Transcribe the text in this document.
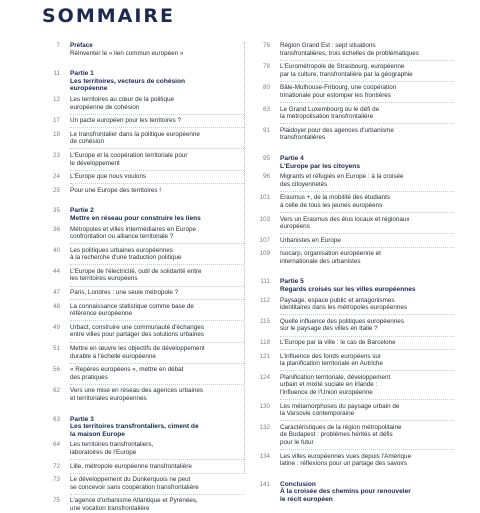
SOMMAIRE
7 Préface
Réinventer le « lien commun européen »
11 Partie 1
Les territoires, vecteurs de cohésion
européenne
12 Les territoires au cœur de la politique
européenne de cohésion
17 Un pacte européen pour les territoires ?
18 Le transfrontalier dans la politique européenne
de cohésion
23 L'Europe et la coopération territoriale pour
le développement
24 L'Europe que nous voulons
25 Pour une Europe des territoires !
35 Partie 2
Mettre en réseau pour construire les liens
36 Métropoles et villes intermédiaires en Europe :
confrontation ou alliance territoriale ?
40 Les politiques urbaines européennes
à la recherche d'une traduction politique
44 L'Europe de l'électricité, outil de solidarité entre
les territoires européens
47 Paris, Londres : une seule métropole ?
48 La connaissance statistique comme base de
référence européenne
49 Urbact, construire une communauté d'échanges
entre villes pour partager des solutions urbaines
51 Mettre en œuvre les objectifs de développement
durable à l'échelle européenne
56 « Repères européens », mettre en débat
des pratiques
62 Vers une mise en réseau des agences urbaines
et territoriales européennes
63 Partie 3
Les territoires transfrontaliers, ciment de
la maison Europe
64 Les territoires transfrontaliers,
laboratoires de l'Europe
72 Lille, métropole européenne transfrontalière
73 Le développement du Dunkerquois ne peut
se concevoir sans coopération transfrontalière
75 L'agence d'urbanisme Atlantique et Pyrénées,
une vocation transfrontalière
76 Région Grand Est : sept situations
transfrontalières, trois échelles de problématiques
78 L'Eurométropole de Strasbourg, européenne
par la culture, transfrontalière par la géographie
80 Bâle-Mulhouse-Fribourg, une coopération
trinationale pour estomper les frontières
83 Le Grand Luxembourg ou le défi de
la métropolisation transfrontalière
91 Plaidoyer pour des agences d'urbanisme
transfrontalières
95 Partie 4
L'Europe par les citoyens
96 Migrants et réfugiés en Europe : à la croisée
des citoyennetés
101 Erasmus +, de la mobilité des étudiants
à celle de tous les jeunes européens
103 Vers un Erasmus des élus locaux et régionaux
européens
107 Urbanistes en Europe
109 Isocarp, organisation européenne et
internationale des urbanistes
111 Partie 5
Regards croisés sur les villes européennes
112 Paysage, espace public et antagonismes
identitaires dans les métropoles européennes
115 Quelle influence des politiques européennes
sur le paysage des villes en Italie ?
118 L'Europe par la ville : le cas de Barcelone
121 L'influence des fonds européens sur
la planification territoriale en Autriche
124 Planification territoriale, développement
urbain et mixité sociale en Irlande :
l'influence de l'Union européenne
130 Les métamorphoses du paysage urbain de
la Varsovie contemporaine
132 Caractéristiques de la région métropolitaine
de Budapest : problèmes hérités et défis
pour le futur
134 Les villes européennes vues depuis l'Amérique
latine : réflexions pour un partage des savoirs
141 Conclusion
À la croisée des chemins pour renouveler
le récit européen
